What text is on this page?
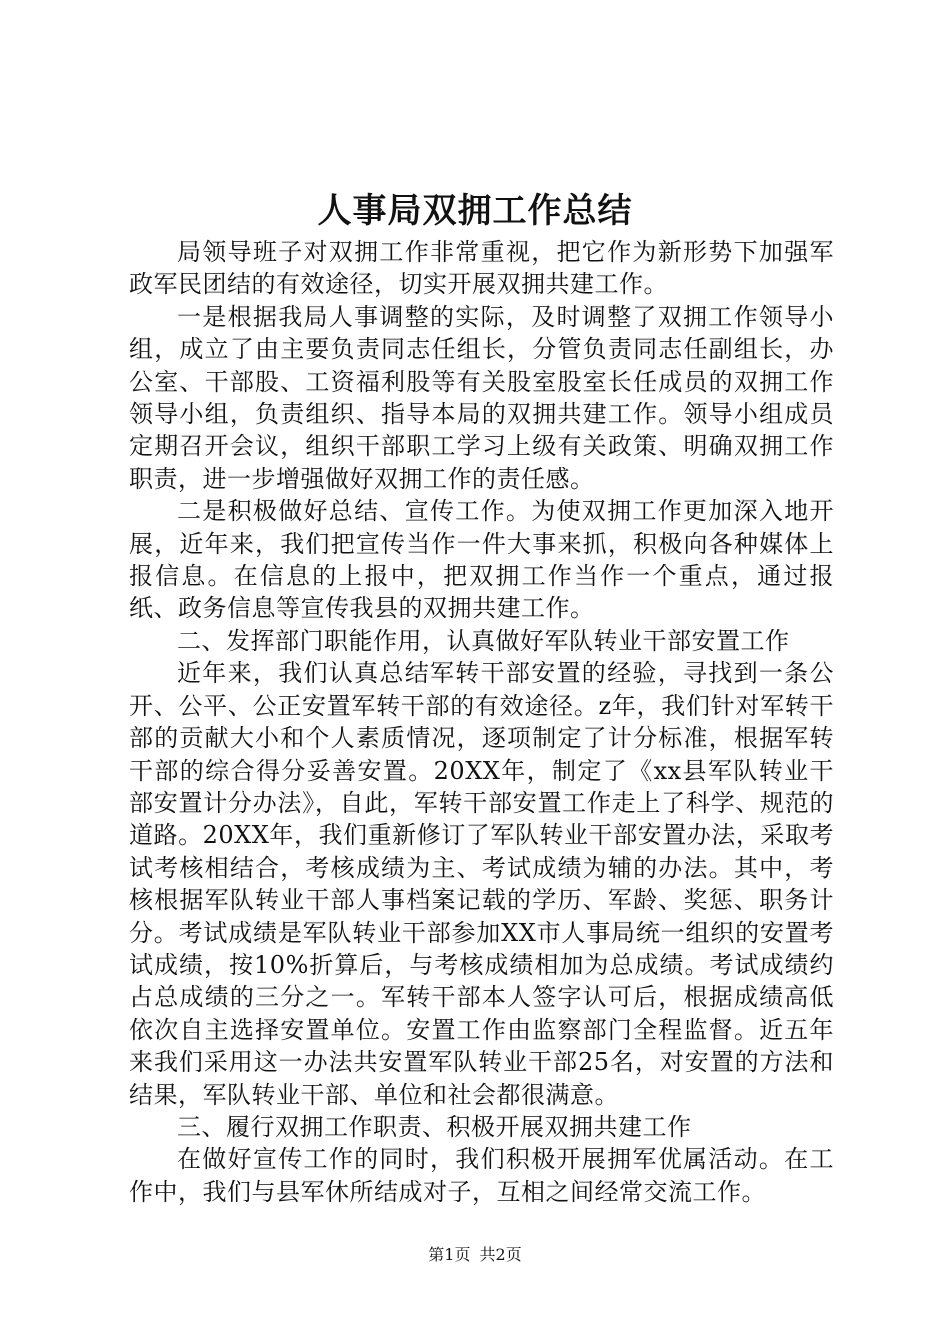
人事局双拥工作总结

局领导班子对双拥工作非常重视，把它作为新形势下加强军政军民团结的有效途径，切实开展双拥共建工作。

一是根据我局人事调整的实际，及时调整了双拥工作领导小组，成立了由主要负责同志任组长，分管负责同志任副组长，办公室、干部股、工资福利股等有关股室股室长任成员的双拥工作领导小组，负责组织、指导本局的双拥共建工作。领导小组成员定期召开会议，组织干部职工学习上级有关政策、明确双拥工作职责，进一步增强做好双拥工作的责任感。

二是积极做好总结、宣传工作。为使双拥工作更加深入地开展，近年来，我们把宣传当作一件大事来抓，积极向各种媒体上报信息。在信息的上报中，把双拥工作当作一个重点，通过报纸、政务信息等宣传我县的双拥共建工作。

二、发挥部门职能作用，认真做好军队转业干部安置工作

近年来，我们认真总结军转干部安置的经验，寻找到一条公开、公平、公正安置军转干部的有效途径。z年，我们针对军转干部的贡献大小和个人素质情况，逐项制定了计分标准，根据军转干部的综合得分妥善安置。20XX年，制定了《xx县军队转业干部安置计分办法》，自此，军转干部安置工作走上了科学、规范的道路。20XX年，我们重新修订了军队转业干部安置办法，采取考试考核相结合，考核成绩为主、考试成绩为辅的办法。其中，考核根据军队转业干部人事档案记载的学历、军龄、奖惩、职务计分。考试成绩是军队转业干部参加XX市人事局统一组织的安置考试成绩，按10%折算后，与考核成绩相加为总成绩。考试成绩约占总成绩的三分之一。军转干部本人签字认可后，根据成绩高低依次自主选择安置单位。安置工作由监察部门全程监督。近五年来我们采用这一办法共安置军队转业干部25名，对安置的方法和结果，军队转业干部、单位和社会都很满意。

三、履行双拥工作职责、积极开展双拥共建工作

在做好宣传工作的同时，我们积极开展拥军优属活动。在工作中，我们与县军休所结成对子，互相之间经常交流工作。

第1页 共2页
